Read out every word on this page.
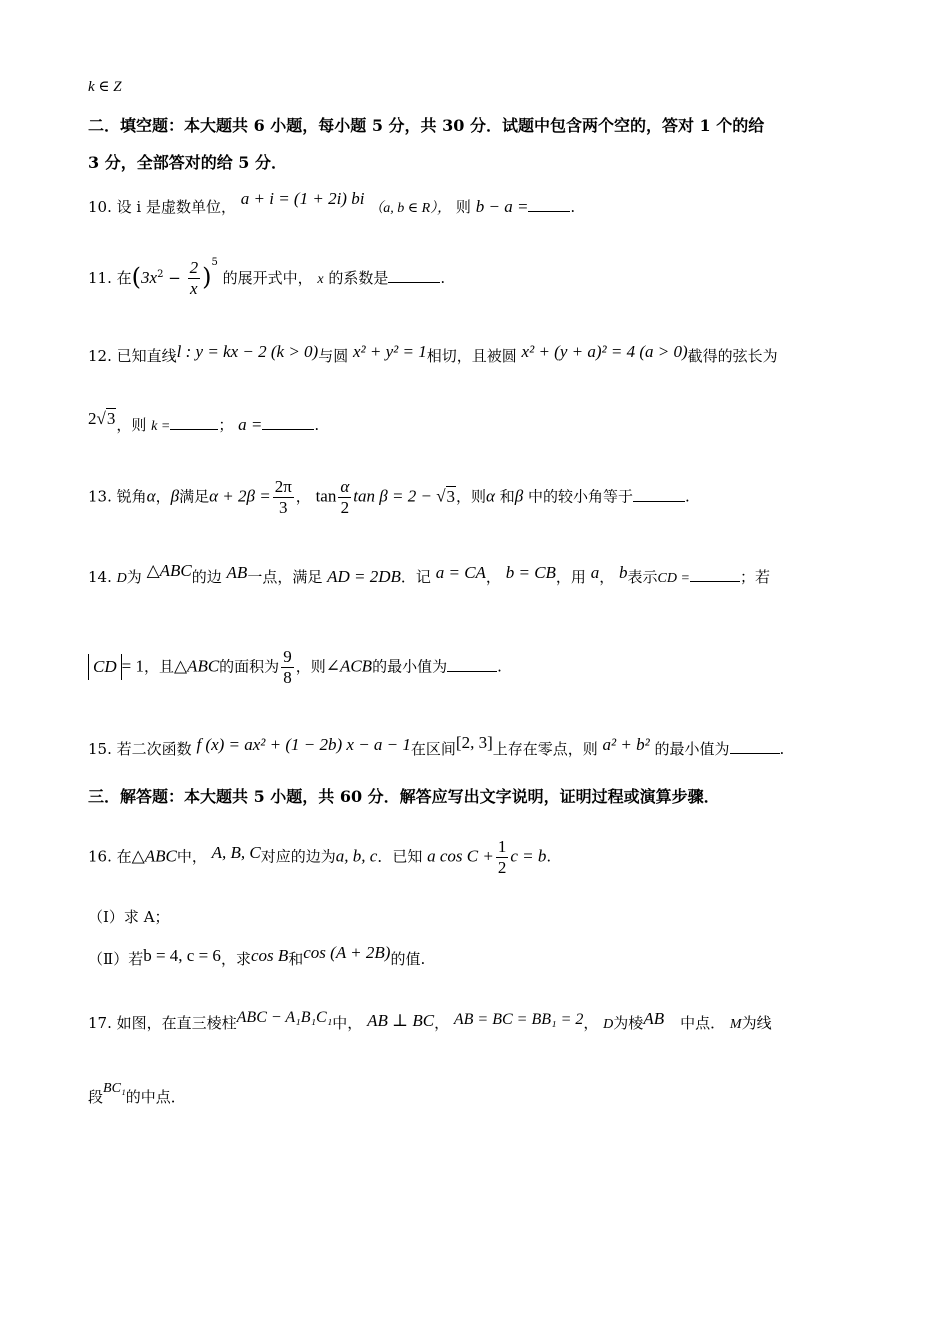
k ∈ Z
二．填空题：本大题共 6 小题，每小题 5 分，共 30 分．试题中包含两个空的，答对 1 个的给
3 分，全部答对的给 5 分．
10. 设 i 是虚数单位， a + i = (1 + 2i) bi （a, b ∈ R）， 则 b − a =	.
11. 在$(3x^2 - \frac{2}{x} )^5$ 的展开式中， x 的系数是	.
12. 已知直线l : y = kx − 2 (k > 0)与圆 x² + y² = 1相切，且被圆 x² + (y + a)² = 4 (a > 0)截得的弦长为
2√3，则 k =	； a =	.
13. 锐角α，β满足$\alpha + 2\beta = \frac{2\pi}{3}$ ， $\tan \frac{\alpha}{2}$ tan β = 2 − √3，则α 和β 中的较小角等于	.
14. D为 △ABC的边 AB一点，满足 AD = 2DB．记 a = CA， b = CB，用 a， b表示CD =	；若
CD = 1，且△ABC的面积为 $\frac{9}{8}$ ，则∠ACB的最小值为	.
15. 若二次函数 f (x) = ax² + (1 − 2b) x − a − 1在区间[2, 3]上存在零点，则 a² + b² 的最小值为	.
三．解答题：本大题共 5 小题，共 60 分．解答应写出文字说明，证明过程或演算步骤．
16. 在△ABC中， A, B, C对应的边为a, b, c．已知 a $\cos C + \frac{1}{2}$ c = b.
（Ⅰ）求 A；
（Ⅱ）若b = 4, c = 6，求cos B和cos (A + 2B)的值.
17. 如图，在直三棱柱ABC − A₁B₁C₁中， AB ⊥ BC， AB = BC = BB₁ = 2， D为棱AB 中点． M为线
段BC₁的中点．
